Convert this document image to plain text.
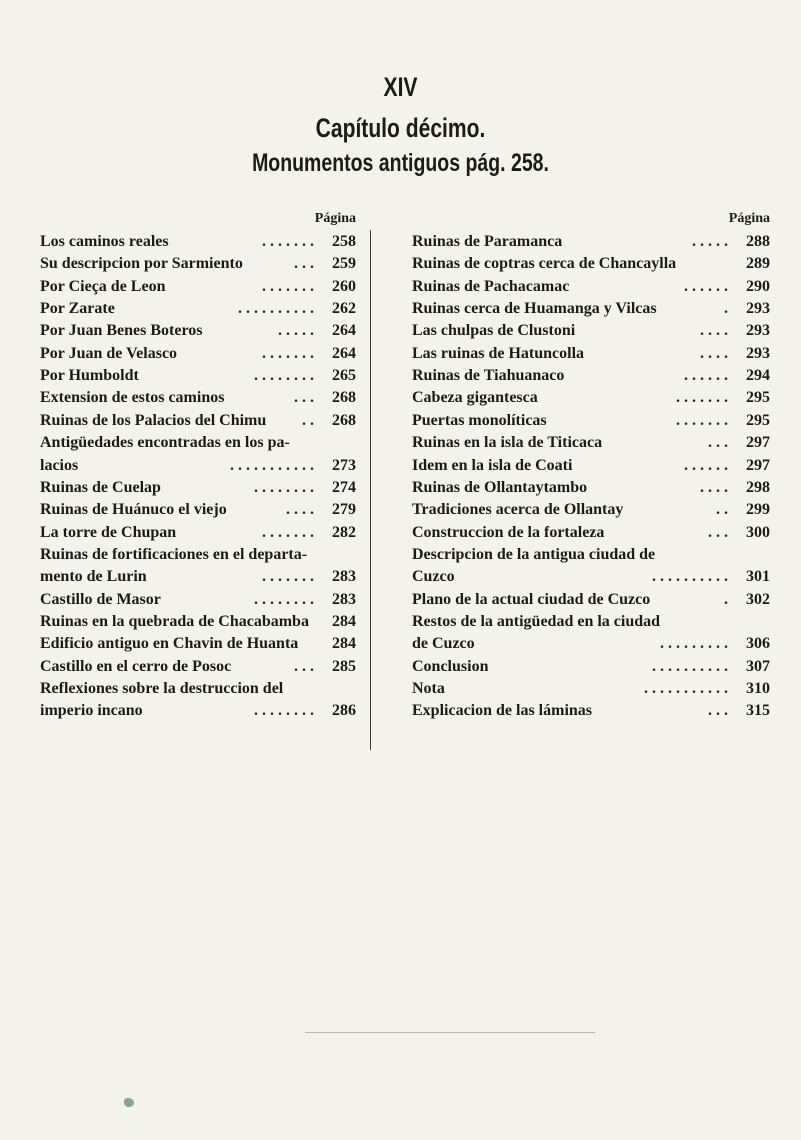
XIV
Capítulo décimo.
Monumentos antiguos pág. 258.
Página
Los caminos reales	. . . . . . .	258
Su descripcion por Sarmiento	. . .	259
Por Cieça de Leon	. . . . . . .	260
Por Zarate	. . . . . . . . . .	262
Por Juan Benes Boteros	. . . . .	264
Por Juan de Velasco	. . . . . . .	264
Por Humboldt	. . . . . . . .	265
Extension de estos caminos	. . .	268
Ruinas de los Palacios del Chimu . .	268
Antigüedades encontradas en los pa-
lacios	. . . . . . . . . . .	273
Ruinas de Cuelap	. . . . . . . .	274
Ruinas de Huánuco el viejo	. . . .	279
La torre de Chupan	. . . . . . .	282
Ruinas de fortificaciones en el departa-
mento de Lurin	. . . . . . .	283
Castillo de Masor	. . . . . . . .	283
Ruinas en la quebrada de Chacabamba	284
Edificio antiguo en Chavin de Huanta	284
Castillo en el cerro de Posoc	. . .	285
Reflexiones sobre la destruccion del
imperio incano	. . . . . . . .	286
Página
Ruinas de Paramanca	. . . . .	288
Ruinas de coptras cerca de Chancaylla	289
Ruinas de Pachacamac	. . . . . .	290
Ruinas cerca de Huamanga y Vilcas	.	293
Las chulpas de Clustoni	. . . .	293
Las ruinas de Hatuncolla	. . . .	293
Ruinas de Tiahuanaco	. . . . . .	294
Cabeza gigantesca	. . . . . . .	295
Puertas monolíticas	. . . . . . .	295
Ruinas en la isla de Titicaca	. . .	297
Idem en la isla de Coati	. . . . . .	297
Ruinas de Ollantaytambo	. . . .	298
Tradiciones acerca de Ollantay	. .	299
Construccion de la fortaleza	. . .	300
Descripcion de la antigua ciudad de
Cuzco	. . . . . . . . . .	301
Plano de la actual ciudad de Cuzco	.	302
Restos de la antigüedad en la ciudad
de Cuzco	. . . . . . . . .	306
Conclusion	. . . . . . . . . .	307
Nota	. . . . . . . . . . .	310
Explicacion de las láminas	. . .	315
